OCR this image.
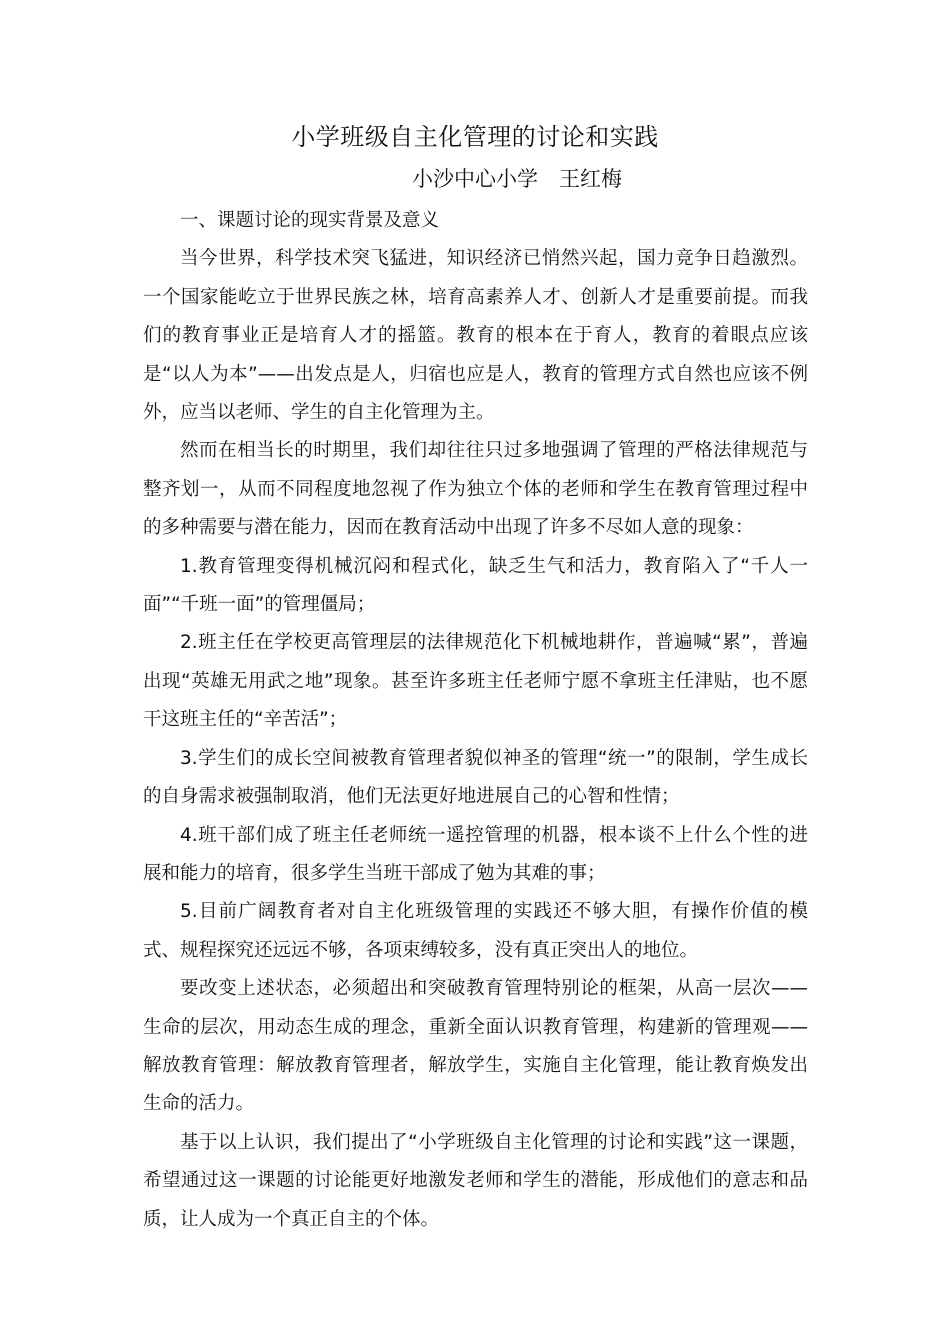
小学班级自主化管理的讨论和实践
小沙中心小学　王红梅

一、课题讨论的现实背景及意义

当今世界，科学技术突飞猛进，知识经济已悄然兴起，国力竞争日趋激烈。一个国家能屹立于世界民族之林，培育高素养人才、创新人才是重要前提。而我们的教育事业正是培育人才的摇篮。教育的根本在于育人，教育的着眼点应该是“以人为本”——出发点是人，归宿也应是人，教育的管理方式自然也应该不例外，应当以老师、学生的自主化管理为主。

然而在相当长的时期里，我们却往往只过多地强调了管理的严格法律规范与整齐划一，从而不同程度地忽视了作为独立个体的老师和学生在教育管理过程中的多种需要与潜在能力，因而在教育活动中出现了许多不尽如人意的现象：

1.教育管理变得机械沉闷和程式化，缺乏生气和活力，教育陷入了“千人一面”“千班一面”的管理僵局；

2.班主任在学校更高管理层的法律规范化下机械地耕作，普遍喊“累”，普遍出现“英雄无用武之地”现象。甚至许多班主任老师宁愿不拿班主任津贴，也不愿干这班主任的“辛苦活”；

3.学生们的成长空间被教育管理者貌似神圣的管理“统一”的限制，学生成长的自身需求被强制取消，他们无法更好地进展自己的心智和性情；

4.班干部们成了班主任老师统一遥控管理的机器，根本谈不上什么个性的进展和能力的培育，很多学生当班干部成了勉为其难的事；

5.目前广阔教育者对自主化班级管理的实践还不够大胆，有操作价值的模式、规程探究还远远不够，各项束缚较多，没有真正突出人的地位。

要改变上述状态，必须超出和突破教育管理特别论的框架，从高一层次——生命的层次，用动态生成的理念，重新全面认识教育管理，构建新的管理观——解放教育管理：解放教育管理者，解放学生，实施自主化管理，能让教育焕发出生命的活力。

基于以上认识，我们提出了“小学班级自主化管理的讨论和实践”这一课题，希望通过这一课题的讨论能更好地激发老师和学生的潜能，形成他们的意志和品质，让人成为一个真正自主的个体。
